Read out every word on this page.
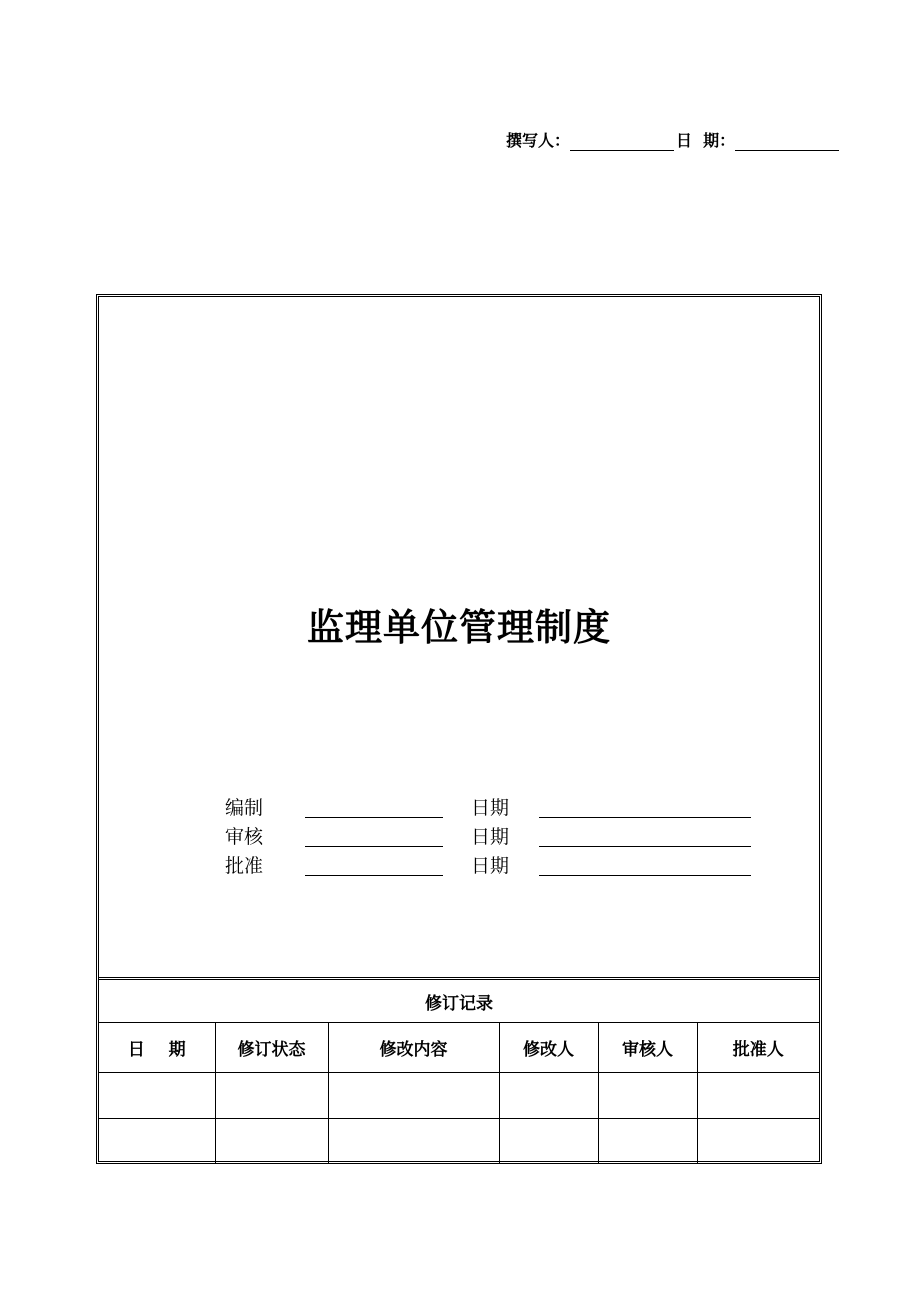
撰写人：	日  期：
监理单位管理制度
编制	日期
审核	日期
批准	日期
修订记录					
日    期	修订状态	修改内容	修改人	审核人	批准人
